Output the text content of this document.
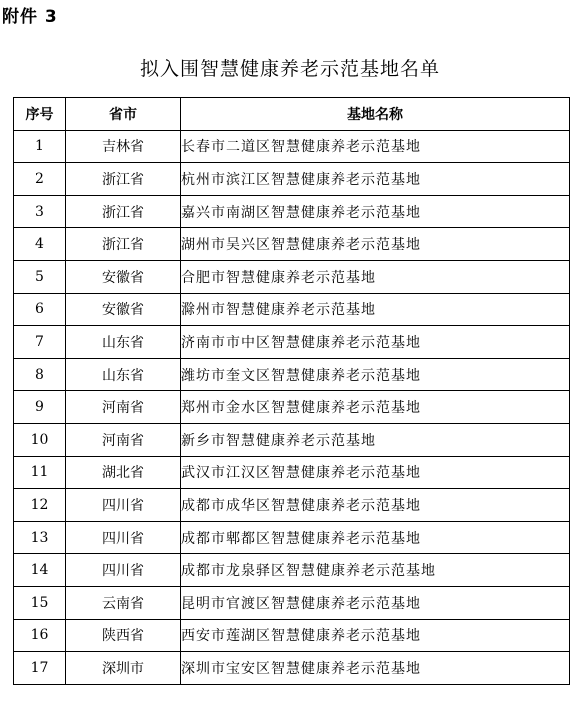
附件 3
拟入围智慧健康养老示范基地名单
序号	省市	基地名称
1	吉林省	长春市二道区智慧健康养老示范基地
2	浙江省	杭州市滨江区智慧健康养老示范基地
3	浙江省	嘉兴市南湖区智慧健康养老示范基地
4	浙江省	湖州市吴兴区智慧健康养老示范基地
5	安徽省	合肥市智慧健康养老示范基地
6	安徽省	滁州市智慧健康养老示范基地
7	山东省	济南市市中区智慧健康养老示范基地
8	山东省	潍坊市奎文区智慧健康养老示范基地
9	河南省	郑州市金水区智慧健康养老示范基地
10	河南省	新乡市智慧健康养老示范基地
11	湖北省	武汉市江汉区智慧健康养老示范基地
12	四川省	成都市成华区智慧健康养老示范基地
13	四川省	成都市郫都区智慧健康养老示范基地
14	四川省	成都市龙泉驿区智慧健康养老示范基地
15	云南省	昆明市官渡区智慧健康养老示范基地
16	陕西省	西安市莲湖区智慧健康养老示范基地
17	深圳市	深圳市宝安区智慧健康养老示范基地
